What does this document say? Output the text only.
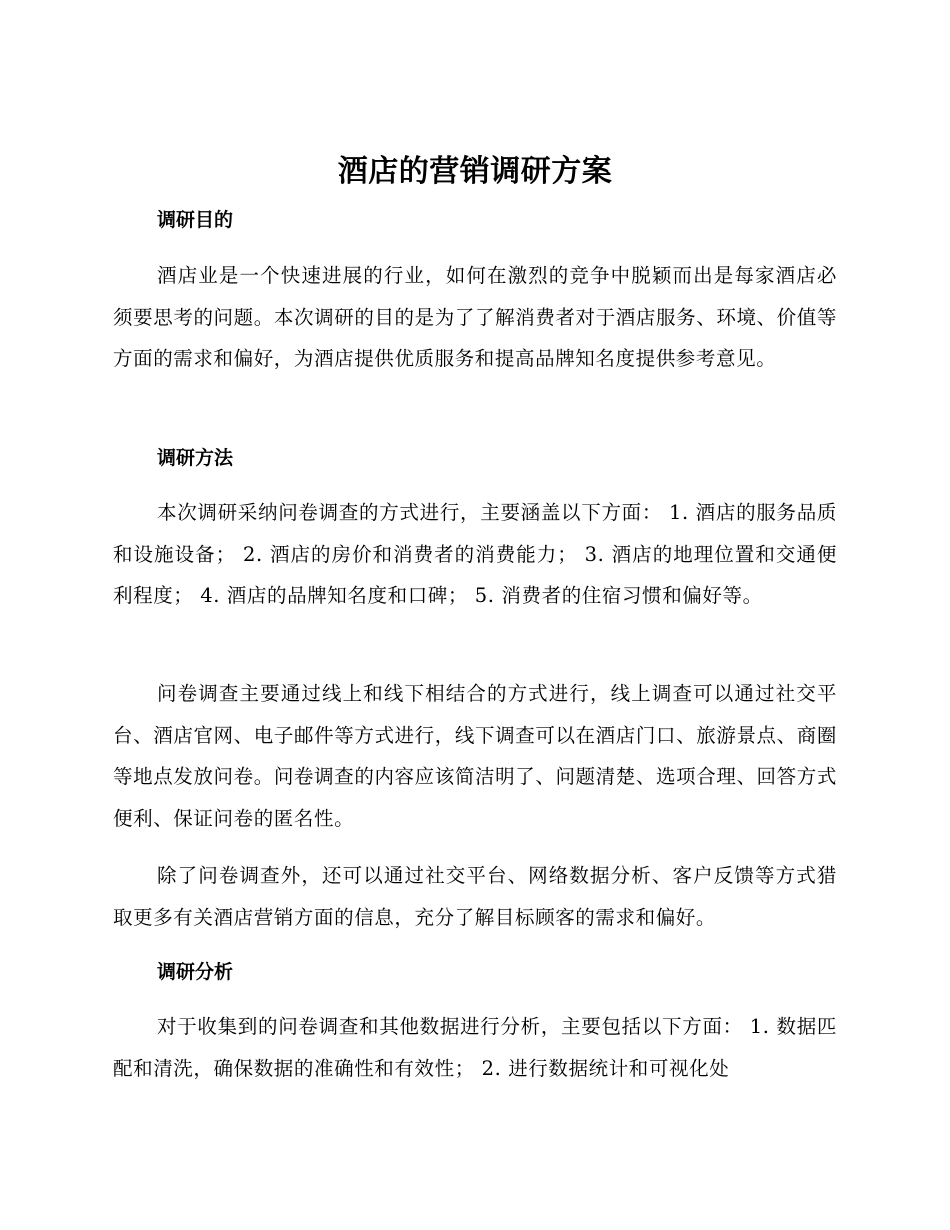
酒店的营销调研方案
调研目的

酒店业是一个快速进展的行业，如何在激烈的竞争中脱颖而出是每家酒店必须要思考的问题。本次调研的目的是为了了解消费者对于酒店服务、环境、价值等方面的需求和偏好，为酒店提供优质服务和提高品牌知名度提供参考意见。

调研方法

本次调研采纳问卷调查的方式进行，主要涵盖以下方面： 1. 酒店的服务品质和设施设备； 2. 酒店的房价和消费者的消费能力； 3. 酒店的地理位置和交通便利程度； 4. 酒店的品牌知名度和口碑； 5. 消费者的住宿习惯和偏好等。

问卷调查主要通过线上和线下相结合的方式进行，线上调查可以通过社交平台、酒店官网、电子邮件等方式进行，线下调查可以在酒店门口、旅游景点、商圈等地点发放问卷。问卷调查的内容应该简洁明了、问题清楚、选项合理、回答方式便利、保证问卷的匿名性。

除了问卷调查外，还可以通过社交平台、网络数据分析、客户反馈等方式猎取更多有关酒店营销方面的信息，充分了解目标顾客的需求和偏好。

调研分析

对于收集到的问卷调查和其他数据进行分析，主要包括以下方面： 1. 数据匹配和清洗，确保数据的准确性和有效性； 2. 进行数据统计和可视化处
